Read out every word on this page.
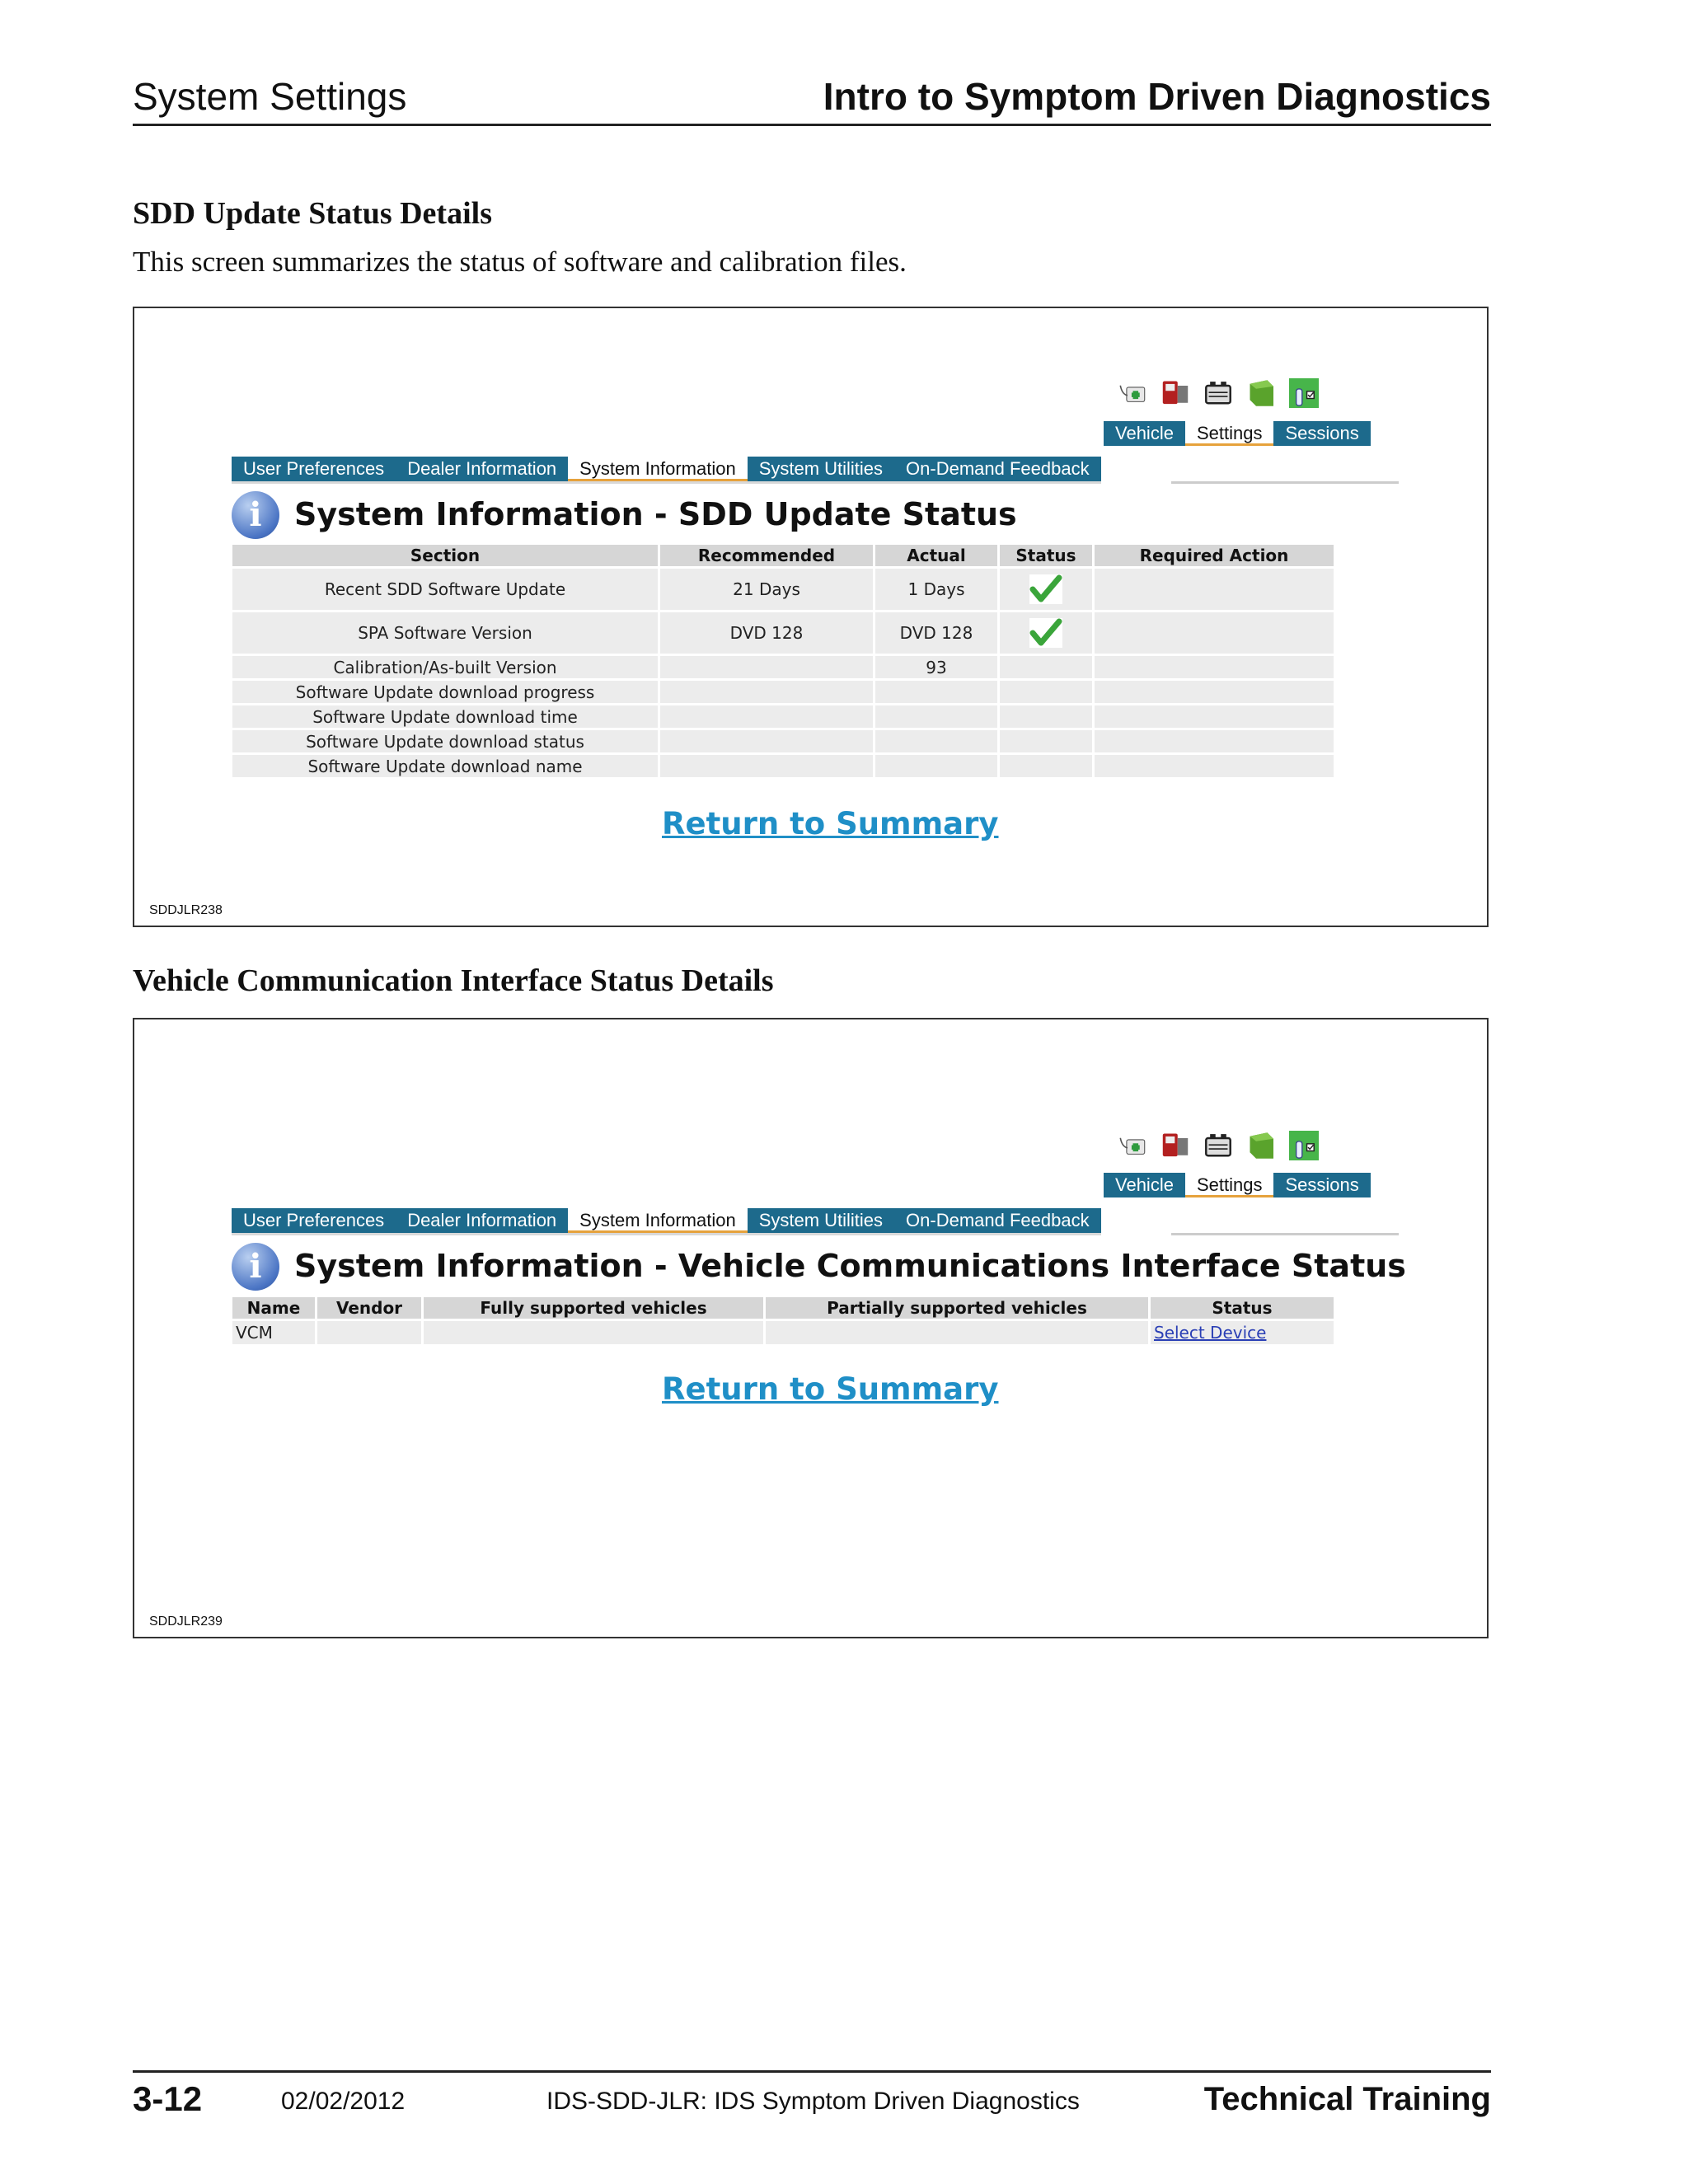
System Settings	Intro to Symptom Driven Diagnostics
SDD Update Status Details
This screen summarizes the status of software and calibration files.
Vehicle	Settings	Sessions
User Preferences	Dealer Information	System Information	System Utilities	On-Demand Feedback
i	System Information - SDD Update Status
Section	Recommended	Actual	Status	Required Action
Recent SDD Software Update	21 Days	1 Days		
SPA Software Version	DVD 128	DVD 128		
Calibration/As-built Version		93		
Software Update download progress				
Software Update download time				
Software Update download status				
Software Update download name				
Return to Summary
SDDJLR238
Vehicle Communication Interface Status Details
Vehicle	Settings	Sessions
User Preferences	Dealer Information	System Information	System Utilities	On-Demand Feedback
i	System Information - Vehicle Communications Interface Status
Name	Vendor	Fully supported vehicles	Partially supported vehicles	Status
VCM				Select Device
Return to Summary
SDDJLR239
3-12	02/02/2012	IDS-SDD-JLR: IDS Symptom Driven Diagnostics	Technical Training
